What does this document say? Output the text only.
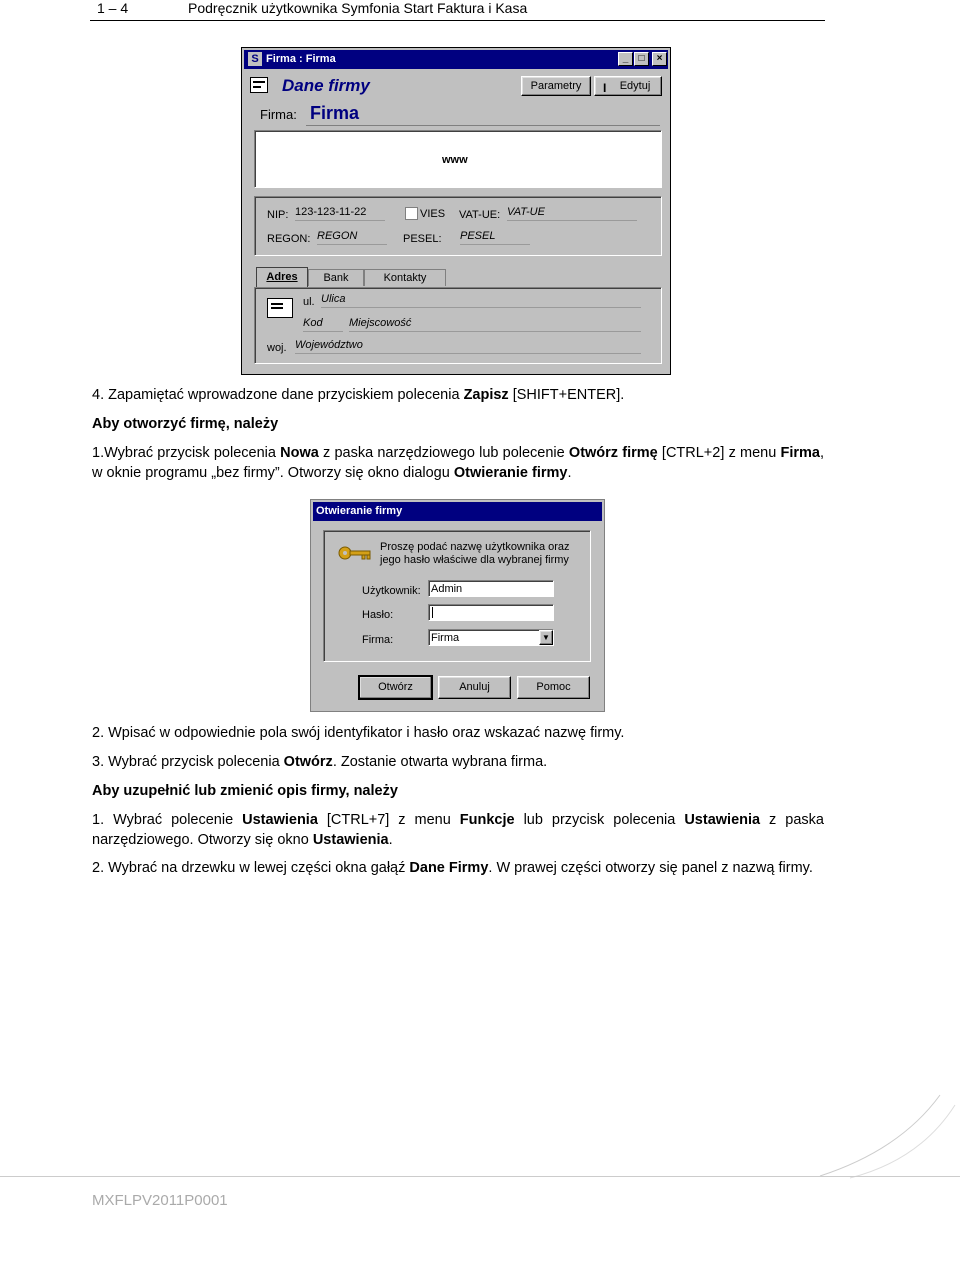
1 – 4	Podręcznik użytkownika Symfonia Start Faktura i Kasa
S Firma : Firma	_	□	×
Dane firmy	Parametry	I Edytuj
Firma: Firma
www
NIP: 123-123-11-22	VIES VAT-UE: VAT-UE
REGON: REGON	PESEL: PESEL
Adres	Bank	Kontakty
ul. Ulica
Kod	Miejscowość
woj. Województwo
4. Zapamiętać wprowadzone dane przyciskiem polecenia Zapisz [SHIFT+ENTER].
Aby otworzyć firmę, należy
1.Wybrać przycisk polecenia Nowa z paska narzędziowego lub polecenie Otwórz firmę [CTRL+2] z menu Firma, w oknie programu „bez firmy”. Otworzy się okno dialogu Otwieranie firmy.
Otwieranie firmy
Proszę podać nazwę użytkownika oraz jego hasło właściwe dla wybranej firmy
Użytkownik: Admin
Hasło:
Firma:	Firma	▼
Otwórz	Anuluj	Pomoc
2. Wpisać w odpowiednie pola swój identyfikator i hasło oraz wskazać nazwę firmy.
3. Wybrać przycisk polecenia Otwórz. Zostanie otwarta wybrana firma.
Aby uzupełnić lub zmienić opis firmy, należy
1. Wybrać polecenie Ustawienia [CTRL+7] z menu Funkcje lub przycisk polecenia Ustawienia z paska narzędziowego. Otworzy się okno Ustawienia.
2. Wybrać na drzewku w lewej części okna gałąź Dane Firmy. W prawej części otworzy się panel z nazwą firmy.
MXFLPV2011P0001
